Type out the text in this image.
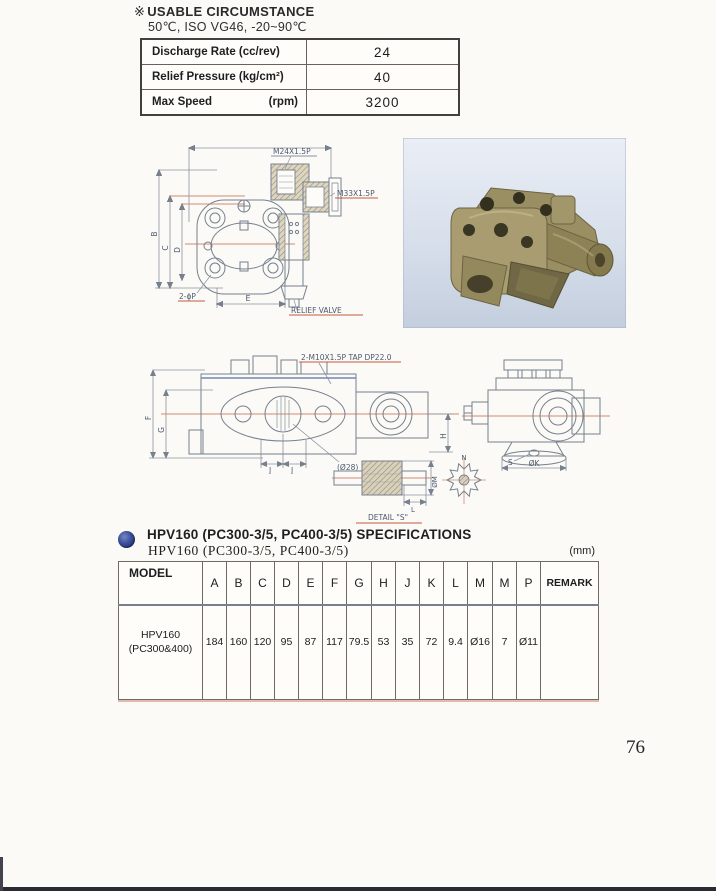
※ USABLE CIRCUMSTANCE
50℃, ISO VG46, -20~90℃
Discharge Rate (cc/rev)	24

Relief Pressure (kg/cm²)	40

Max Speed (rpm)	3200
M24X1.5P
M33X1.5P
B
C D
2-ϕP	E
RELIEF VALVE
2-M10X1.5P TAP DP22.0
F
G
H
J	J	(Ø28)
S ØK
ØM
L
N
DETAIL "S"
HPV160 (PC300-3/5, PC400-3/5) SPECIFICATIONS
HPV160 (PC300-3/5, PC400-3/5)	(mm)
MODEL	A	B	C	D	E	F	G	H	J	K	L	M	M	P	REMARK

HPV160
(PC300&400)	184	160	120	95	87	117	79.5	53	35	72	9.4	Ø16	7	Ø11	
76
